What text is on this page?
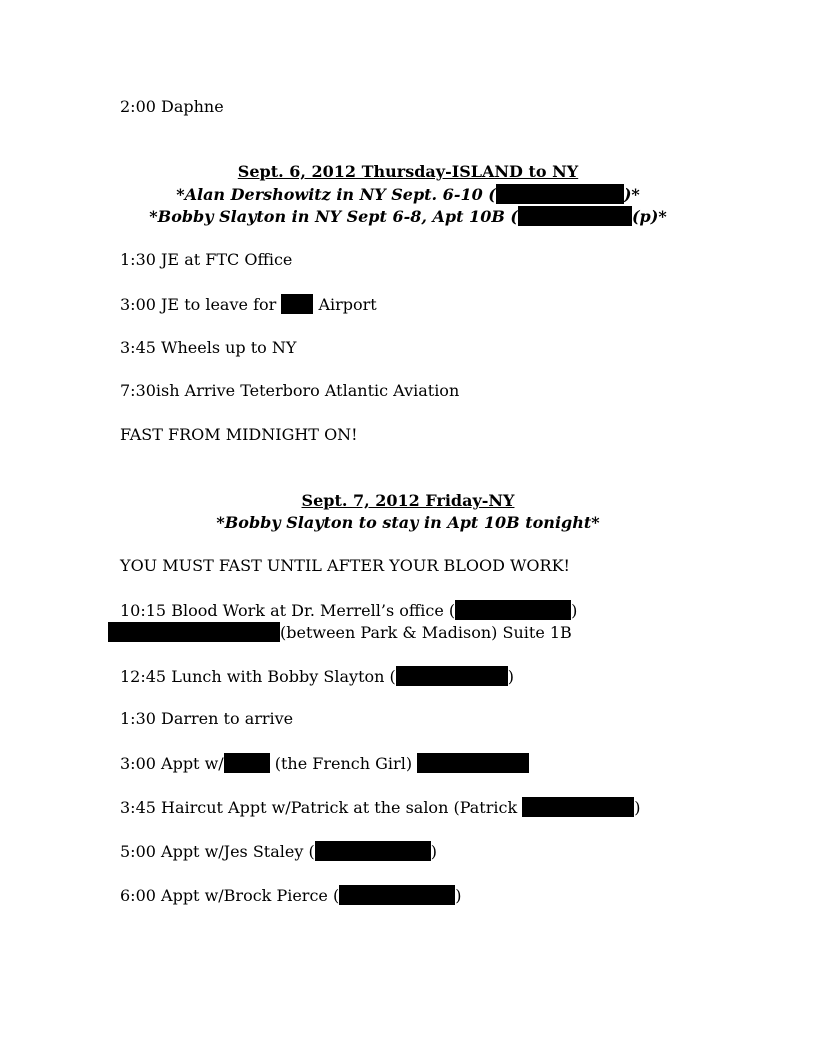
2:00 Daphne
Sept. 6, 2012 Thursday-ISLAND to NY
*Alan Dershowitz in NY Sept. 6-10 (	)*
*Bobby Slayton in NY Sept 6-8, Apt 10B (	(p)*
1:30 JE at FTC Office
3:00 JE to leave for  Airport
3:45 Wheels up to NY
7:30ish Arrive Teterboro Atlantic Aviation
FAST FROM MIDNIGHT ON!
Sept. 7, 2012 Friday-NY
*Bobby Slayton to stay in Apt 10B tonight*
YOU MUST FAST UNTIL AFTER YOUR BLOOD WORK!
10:15 Blood Work at Dr. Merrell’s office (	)
(between Park & Madison) Suite 1B
12:45 Lunch with Bobby Slayton (	)
1:30 Darren to arrive
3:00 Appt w/	(the French Girl)
3:45 Haircut Appt w/Patrick at the salon (Patrick	)
5:00 Appt w/Jes Staley (	)
6:00 Appt w/Brock Pierce (	)
